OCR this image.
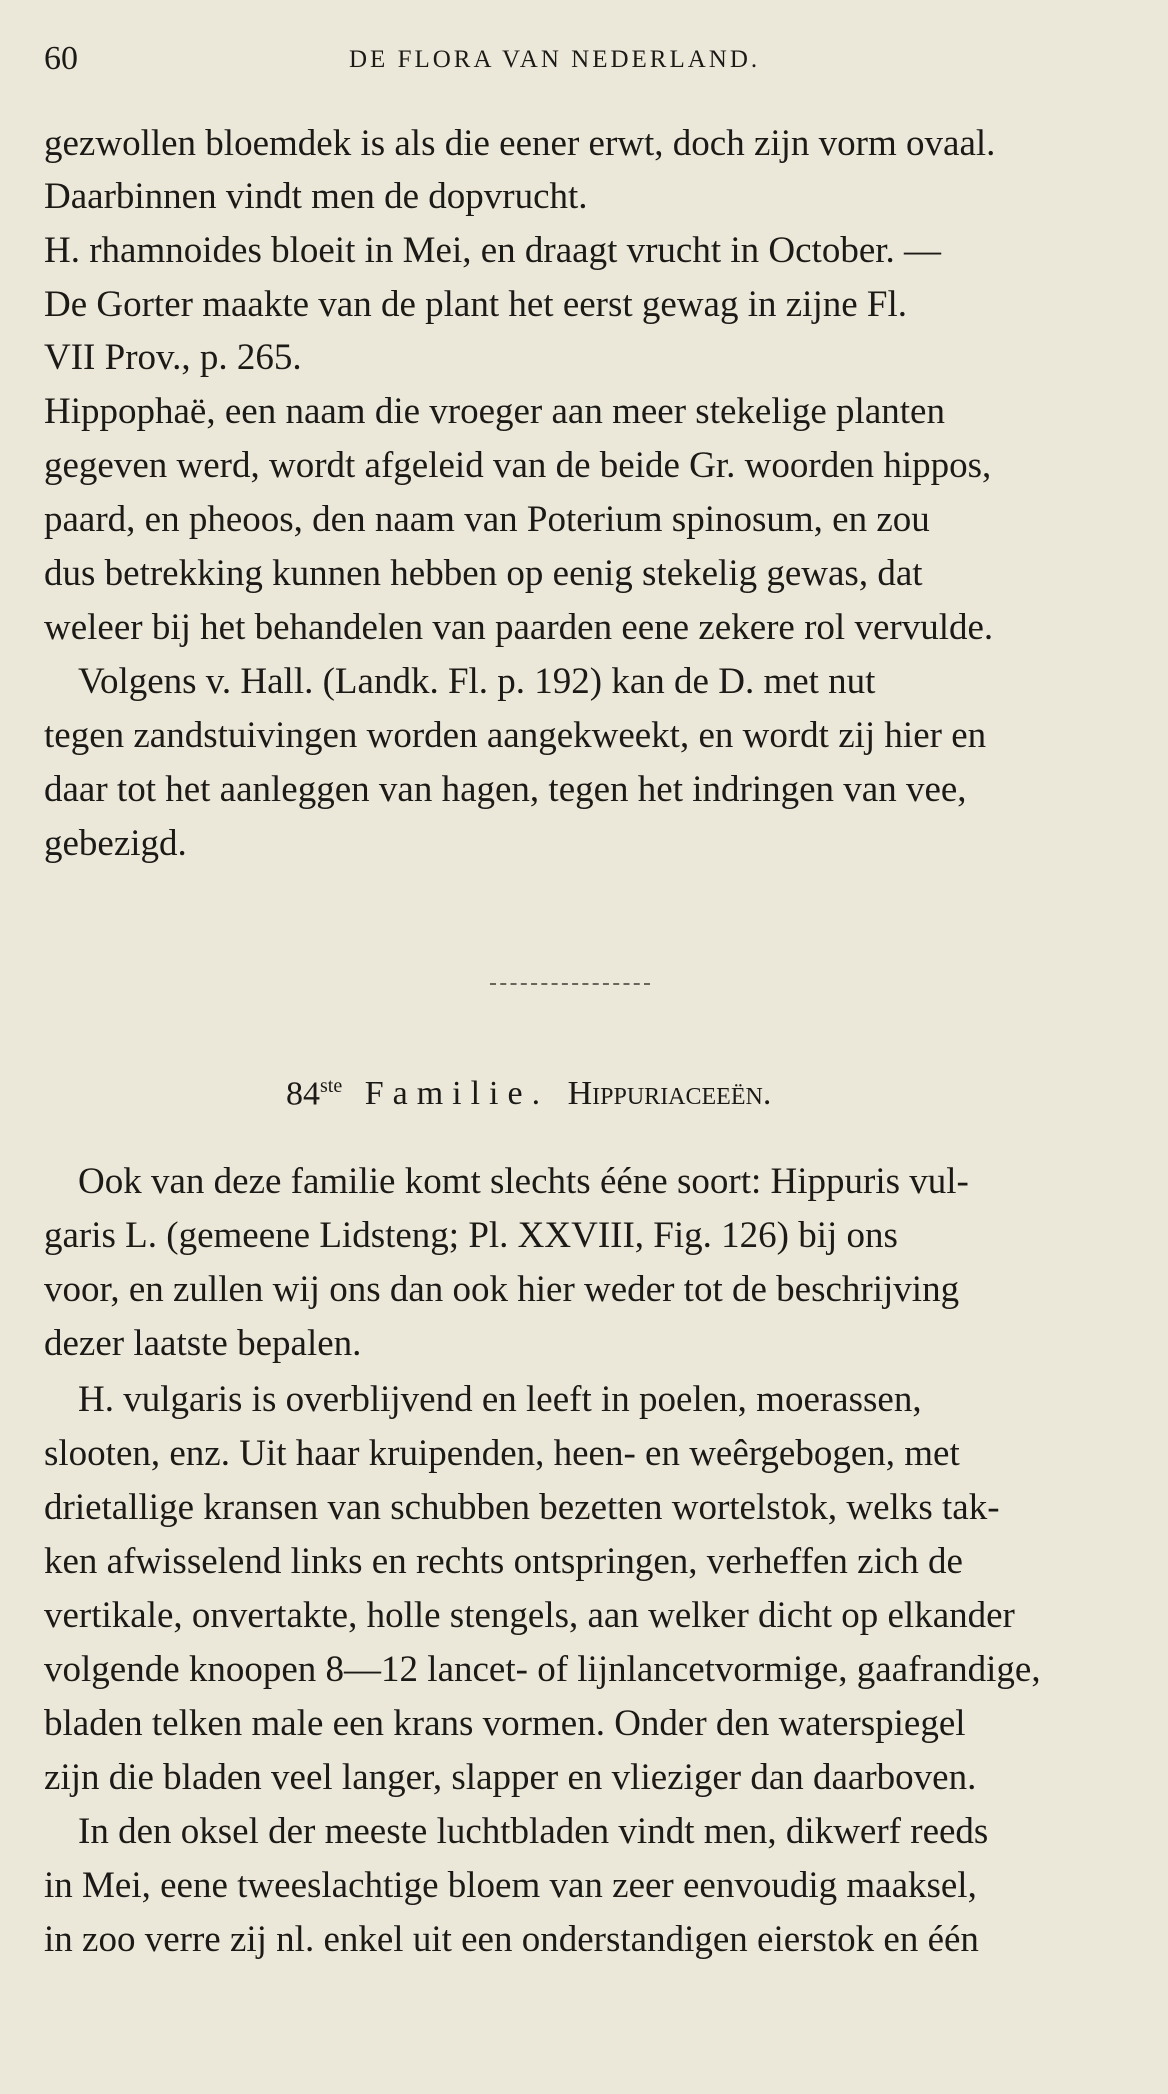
60	DE FLORA VAN NEDERLAND.
gezwollen bloemdek is als die eener erwt, doch zijn vorm ovaal.
Daarbinnen vindt men de dopvrucht.
H. rhamnoides bloeit in Mei, en draagt vrucht in October. —
De Gorter maakte van de plant het eerst gewag in zijne Fl.
VII Prov., p. 265.
Hippophaë, een naam die vroeger aan meer stekelige planten
gegeven werd, wordt afgeleid van de beide Gr. woorden hippos,
paard, en pheoos, den naam van Poterium spinosum, en zou
dus betrekking kunnen hebben op eenig stekelig gewas, dat
weleer bij het behandelen van paarden eene zekere rol vervulde.
Volgens v. Hall. (Landk. Fl. p. 192) kan de D. met nut
tegen zandstuivingen worden aangekweekt, en wordt zij hier en
daar tot het aanleggen van hagen, tegen het indringen van vee,
gebezigd.
Ook van deze familie komt slechts ééne soort: Hippuris vul-
garis L. (gemeene Lidsteng; Pl. XXVIII, Fig. 126) bij ons
voor, en zullen wij ons dan ook hier weder tot de beschrijving
dezer laatste bepalen.
H. vulgaris is overblijvend en leeft in poelen, moerassen,
slooten, enz. Uit haar kruipenden, heen- en weêrgebogen, met
drietallige kransen van schubben bezetten wortelstok, welks tak-
ken afwisselend links en rechts ontspringen, verheffen zich de
vertikale, onvertakte, holle stengels, aan welker dicht op elkander
volgende knoopen 8—12 lancet- of lijnlancetvormige, gaafrandige,
bladen telken male een krans vormen. Onder den waterspiegel
zijn die bladen veel langer, slapper en vlieziger dan daarboven.
In den oksel der meeste luchtbladen vindt men, dikwerf reeds
in Mei, eene tweeslachtige bloem van zeer eenvoudig maaksel,
in zoo verre zij nl. enkel uit een onderstandigen eierstok en één
84ste Familie. Hippuriaceeën.
